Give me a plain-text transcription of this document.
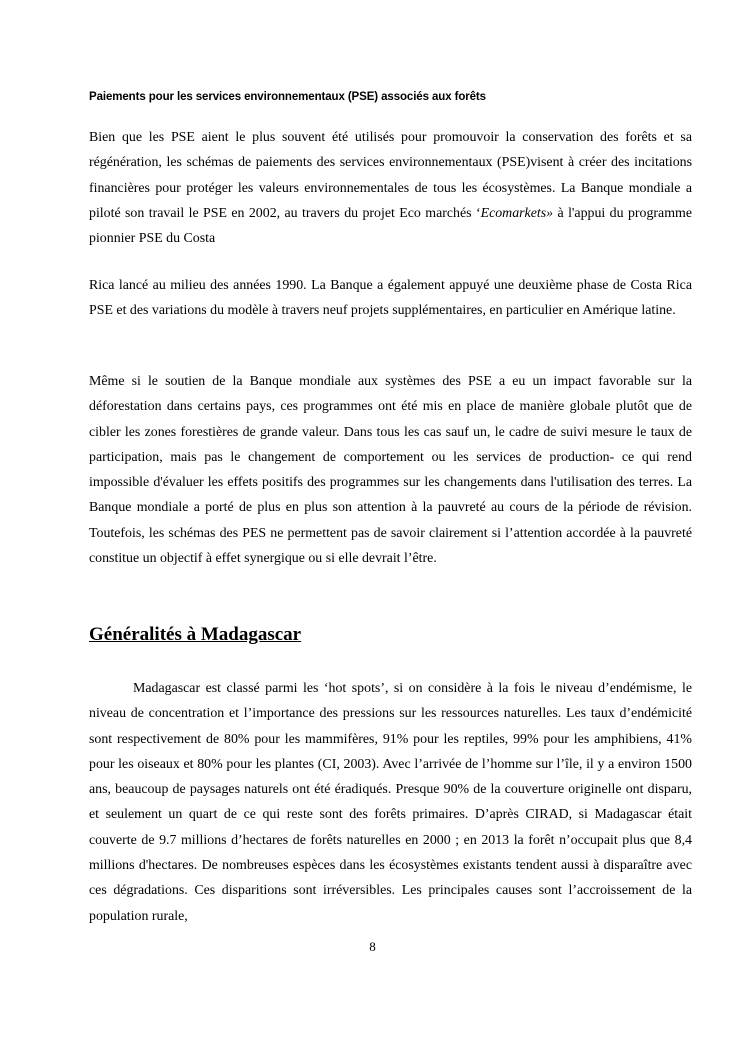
Paiements pour les services environnementaux (PSE) associés aux forêts

Bien que les PSE aient le plus souvent été utilisés pour promouvoir la conservation des forêts et sa régénération, les schémas de paiements des services environnementaux (PSE)visent à créer des incitations financières pour protéger les valeurs environnementales de tous les écosystèmes. La Banque mondiale a piloté son travail le PSE en 2002, au travers du projet Eco marchés ‘Ecomarkets» à l'appui du programme pionnier PSE du Costa

Rica lancé au milieu des années 1990. La Banque a également appuyé une deuxième phase de Costa Rica PSE et des variations du modèle à travers neuf projets supplémentaires, en particulier en Amérique latine.

Même si le soutien de la Banque mondiale aux systèmes des PSE a eu un impact favorable sur la déforestation dans certains pays, ces programmes ont été mis en place de manière globale plutôt que de cibler les zones forestières de grande valeur. Dans tous les cas sauf un, le cadre de suivi mesure le taux de participation, mais pas le changement de comportement ou les services de production- ce qui rend impossible d'évaluer les effets positifs des programmes sur les changements dans l'utilisation des terres. La Banque mondiale a porté de plus en plus son attention à la pauvreté au cours de la période de révision. Toutefois, les schémas des PES ne permettent pas de savoir clairement si l’attention accordée à la pauvreté constitue un objectif à effet synergique ou si elle devrait l’être.

Généralités à Madagascar

Madagascar est classé parmi les ‘hot spots’, si on considère à la fois le niveau d’endémisme, le niveau de concentration et l’importance des pressions sur les ressources naturelles. Les taux d’endémicité sont respectivement de 80% pour les mammifères, 91% pour les reptiles, 99% pour les amphibiens, 41% pour les oiseaux et 80% pour les plantes (CI, 2003). Avec l’arrivée de l’homme sur l’île, il y a environ 1500 ans, beaucoup de paysages naturels ont été éradiqués. Presque 90% de la couverture originelle ont disparu, et seulement un quart de ce qui reste sont des forêts primaires. D’après CIRAD, si Madagascar était couverte de 9.7 millions d’hectares de forêts naturelles en 2000 ; en 2013 la forêt n’occupait plus que 8,4 millions d'hectares. De nombreuses espèces dans les écosystèmes existants tendent aussi à disparaître avec ces dégradations. Ces disparitions sont irréversibles. Les principales causes sont l’accroissement de la population rurale,

8
